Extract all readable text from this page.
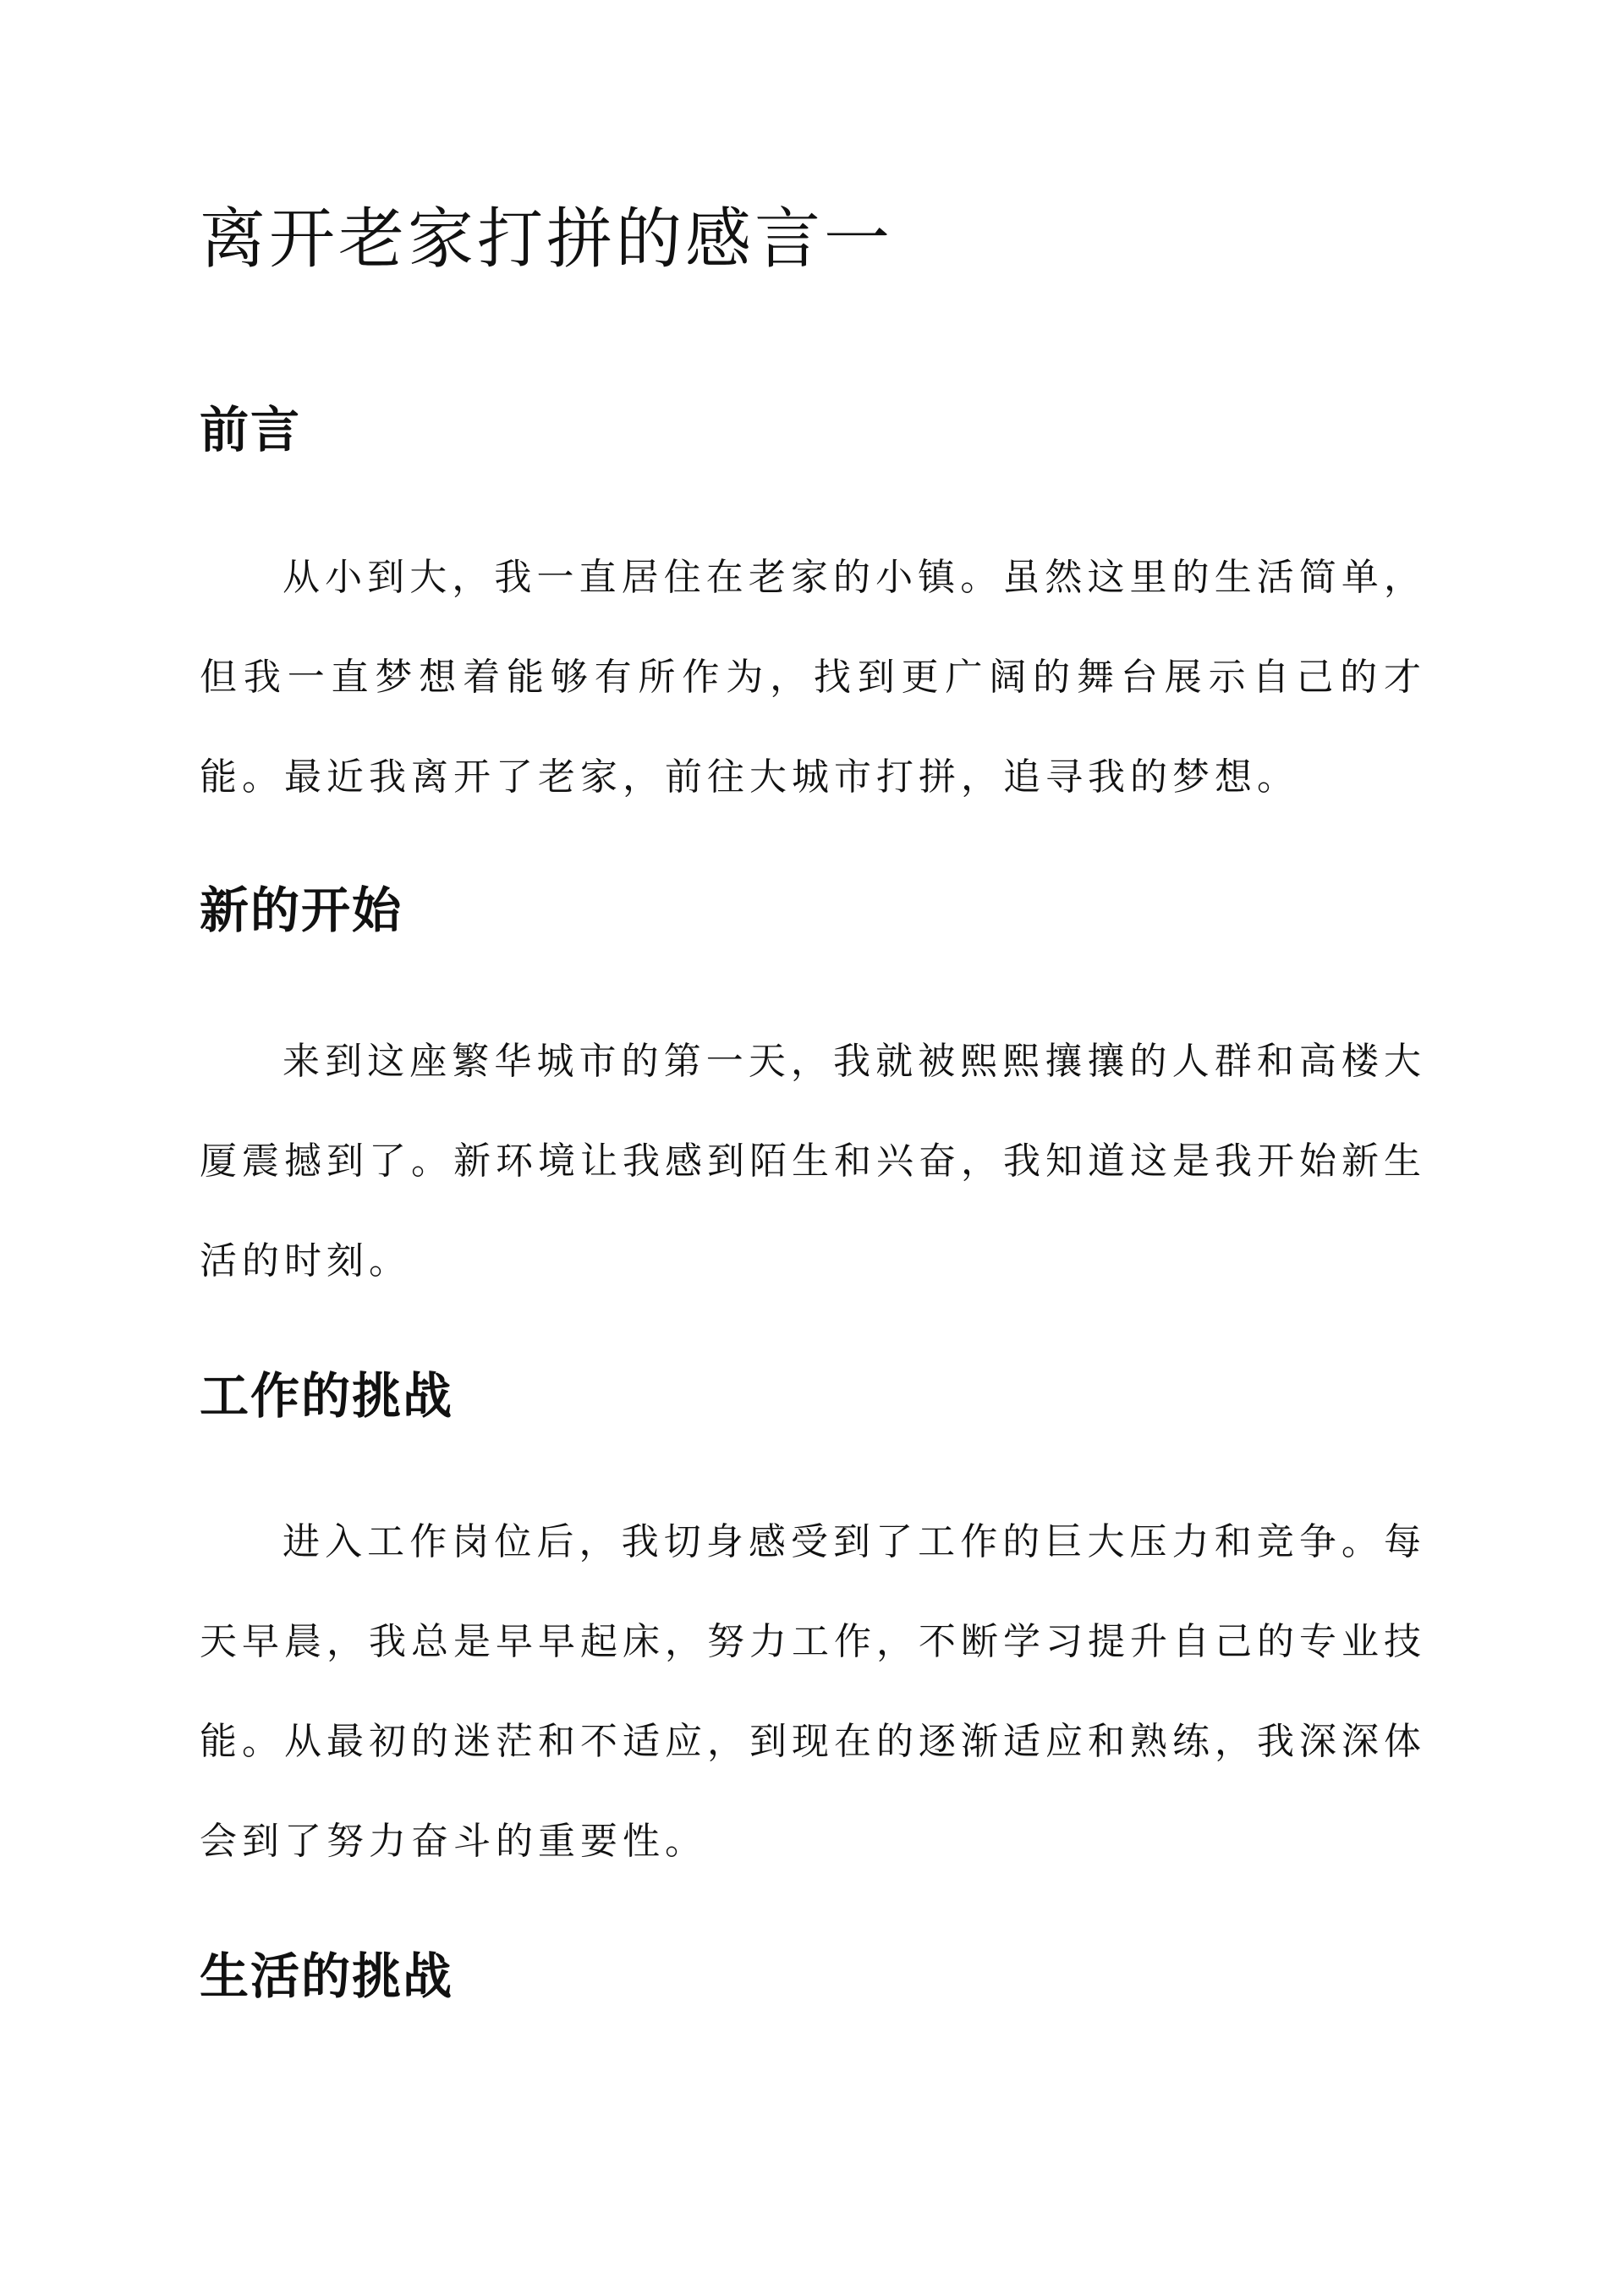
离开老家打拼的感言一
前言

从小到大，我一直居住在老家的小镇。虽然这里的生活简单，但我一直梦想着能够有所作为，找到更广阔的舞台展示自己的才能。最近我离开了老家，前往大城市打拼，追寻我的梦想。

新的开始

来到这座繁华城市的第一天，我就被熙熙攘攘的人群和高楼大厦震撼到了。新环境让我感到陌生和兴奋，我知道这是我开始新生活的时刻。

工作的挑战

进入工作岗位后，我切身感受到了工作的巨大压力和竞争。每天早晨，我总是早早起床，努力工作，不断学习提升自己的专业技能。从最初的迷茫和不适应，到现在的逐渐适应和熟练，我深深体会到了努力奋斗的重要性。

生活的挑战
